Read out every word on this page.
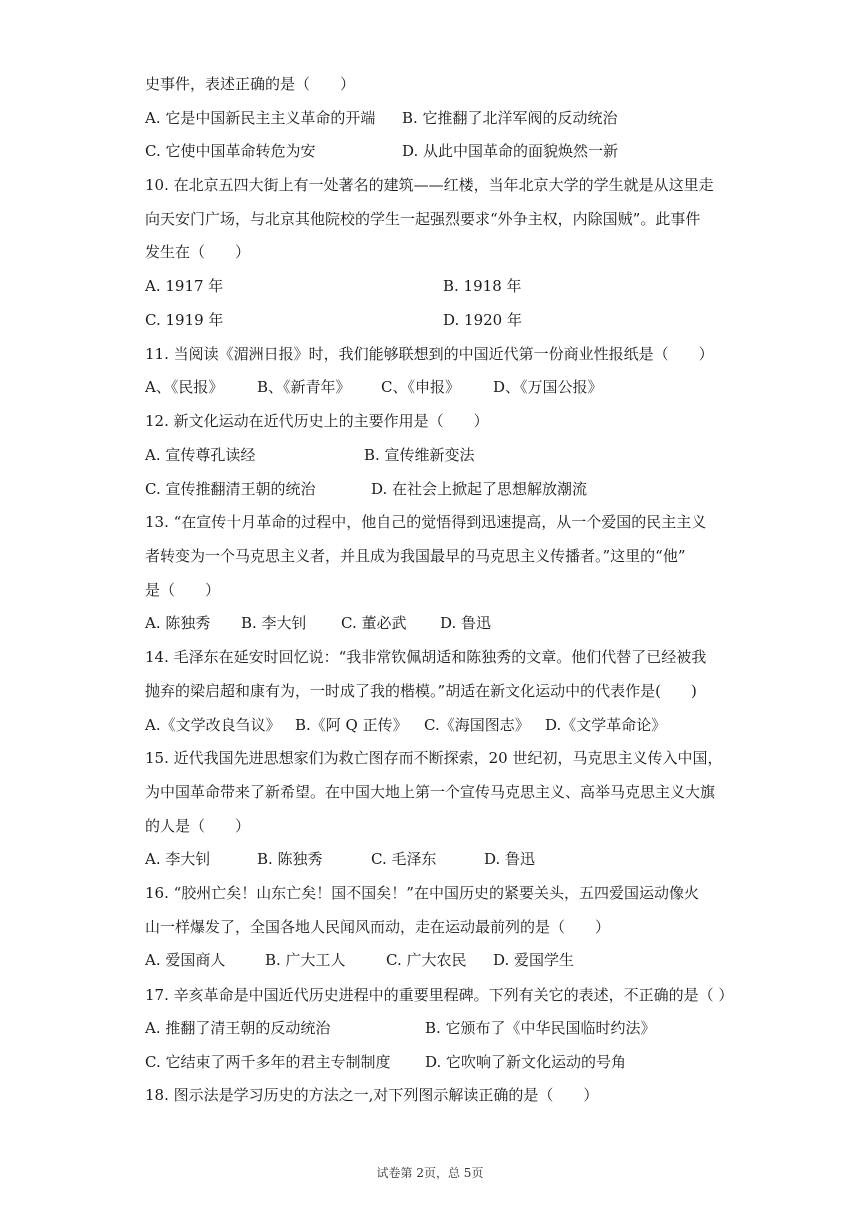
史事件，表述正确的是（　　）
A. 它是中国新民主主义革命的开端 B. 它推翻了北洋军阀的反动统治
C. 它使中国革命转危为安	D. 从此中国革命的面貌焕然一新
10. 在北京五四大街上有一处著名的建筑——红楼，当年北京大学的学生就是从这里走
向天安门广场，与北京其他院校的学生一起强烈要求“外争主权，内除国贼”。此事件
发生在（　　）
A. 1917 年	B. 1918 年
C. 1919 年	D. 1920 年
11. 当阅读《湄洲日报》时，我们能够联想到的中国近代第一份商业性报纸是（　　）
A、《民报》 B、《新青年》 C、《申报》 D、《万国公报》
12. 新文化运动在近代历史上的主要作用是（　　）
A. 宣传尊孔读经	B. 宣传维新变法
C. 宣传推翻清王朝的统治	D. 在社会上掀起了思想解放潮流
13. “在宣传十月革命的过程中，他自己的觉悟得到迅速提高，从一个爱国的民主主义
者转变为一个马克思主义者，并且成为我国最早的马克思主义传播者。”这里的“他”
是（　　）
A. 陈独秀 B. 李大钊 C. 董必武 D. 鲁迅
14. 毛泽东在延安时回忆说：“我非常钦佩胡适和陈独秀的文章。他们代替了已经被我
抛弃的梁启超和康有为，一时成了我的楷模。”胡适在新文化运动中的代表作是(　　)
A.《文学改良刍议》 B.《阿 Q 正传》 C.《海国图志》 D.《文学革命论》
15. 近代我国先进思想家们为救亡图存而不断探索，20 世纪初，马克思主义传入中国，
为中国革命带来了新希望。在中国大地上第一个宣传马克思主义、高举马克思主义大旗
的人是（　　）
A. 李大钊	B. 陈独秀	C. 毛泽东	D. 鲁迅
16. “胶州亡矣！山东亡矣！国不国矣！”在中国历史的紧要关头，五四爱国运动像火
山一样爆发了，全国各地人民闻风而动，走在运动最前列的是（　　）
A. 爱国商人	B. 广大工人	C. 广大农民 D. 爱国学生
17. 辛亥革命是中国近代历史进程中的重要里程碑。下列有关它的表述，不正确的是（ ）
A. 推翻了清王朝的反动统治	B. 它颁布了《中华民国临时约法》
C. 它结束了两千多年的君主专制制度 D. 它吹响了新文化运动的号角
18. 图示法是学习历史的方法之一,对下列图示解读正确的是（　　）
试卷第 2页，总 5页
